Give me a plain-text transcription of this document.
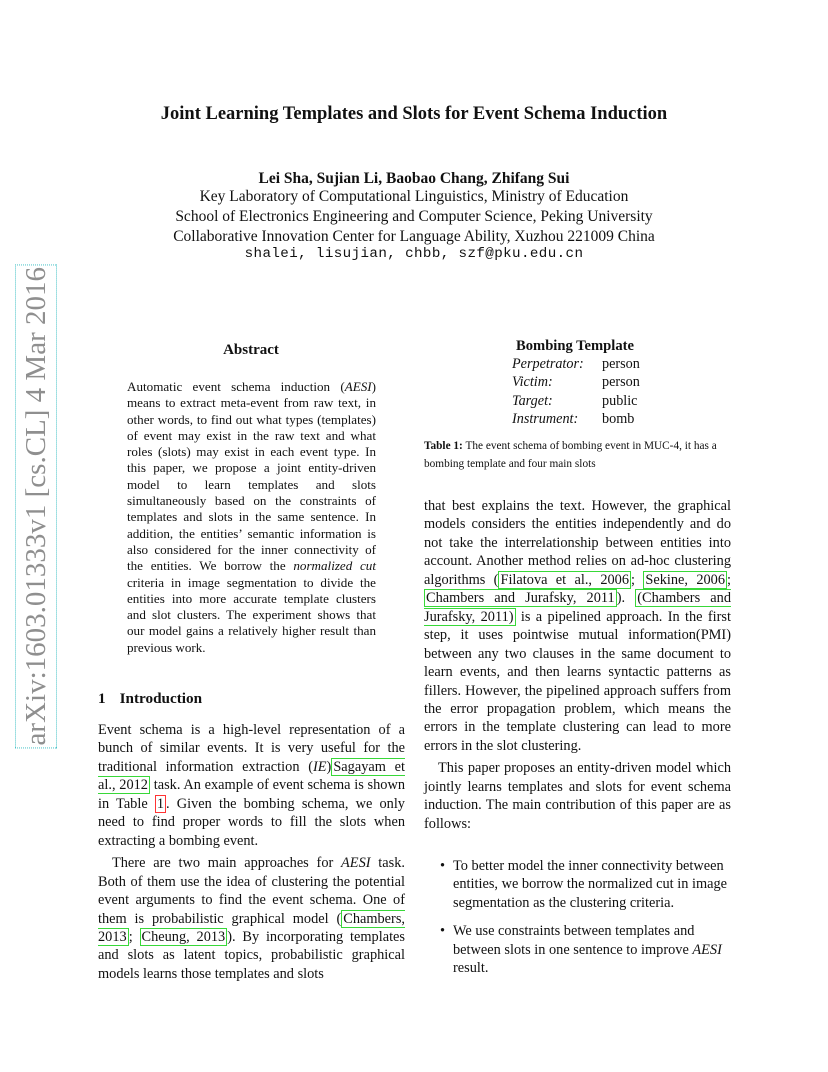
Joint Learning Templates and Slots for Event Schema Induction
Lei Sha, Sujian Li, Baobao Chang, Zhifang Sui
Key Laboratory of Computational Linguistics, Ministry of Education
School of Electronics Engineering and Computer Science, Peking University
Collaborative Innovation Center for Language Ability, Xuzhou 221009 China
shalei, lisujian, chbb, szf@pku.edu.cn
arXiv:1603.01333v1 [cs.CL] 4 Mar 2016	Abstract
Automatic event schema induction (AESI) means to extract meta-event from raw text, in other words, to find out what types (templates) of event may exist in the raw text and what roles (slots) may exist in each event type. In this paper, we propose a joint entity-driven model to learn templates and slots simultaneously based on the constraints of templates and slots in the same sentence. In addition, the entities’ semantic information is also considered for the inner connectivity of the entities. We borrow the normalized cut criteria in image segmentation to divide the entities into more accurate template clusters and slot clusters. The experiment shows that our model gains a relatively higher result than previous work.
1 Introduction

Event schema is a high-level representation of a bunch of similar events. It is very useful for the traditional information extraction (IE) Sagayam et al., 2012 task. An example of event schema is shown in Table 1 . Given the bombing schema, we only need to find proper words to fill the slots when extracting a bombing event.

There are two main approaches for AESI task. Both of them use the idea of clustering the potential event arguments to find the event schema. One of them is probabilistic graphical model ( Chambers, 2013 ; Cheung, 2013 ). By incorporating templates and slots as latent topics, probabilistic graphical models learns those templates and slots

Bombing Template
Perpetrator:	person
Victim:	person
Target:	public
Instrument:	bomb
Table 1: The event schema of bombing event in MUC-4, it has a bombing template and four main slots

that best explains the text. However, the graphical models considers the entities independently and do not take the interrelationship between entities into account. Another method relies on ad-hoc clustering algorithms ( Filatova et al., 2006 ; Sekine, 2006 ; Chambers and Jurafsky, 2011 ). (Chambers and Jurafsky, 2011) is a pipelined approach. In the first step, it uses pointwise mutual information(PMI) between any two clauses in the same document to learn events, and then learns syntactic patterns as fillers. However, the pipelined approach suffers from the error propagation problem, which means the errors in the template clustering can lead to more errors in the slot clustering.

This paper proposes an entity-driven model which jointly learns templates and slots for event schema induction. The main contribution of this paper are as follows:

• To better model the inner connectivity between entities, we borrow the normalized cut in image segmentation as the clustering criteria.
• We use constraints between templates and between slots in one sentence to improve AESI result.
